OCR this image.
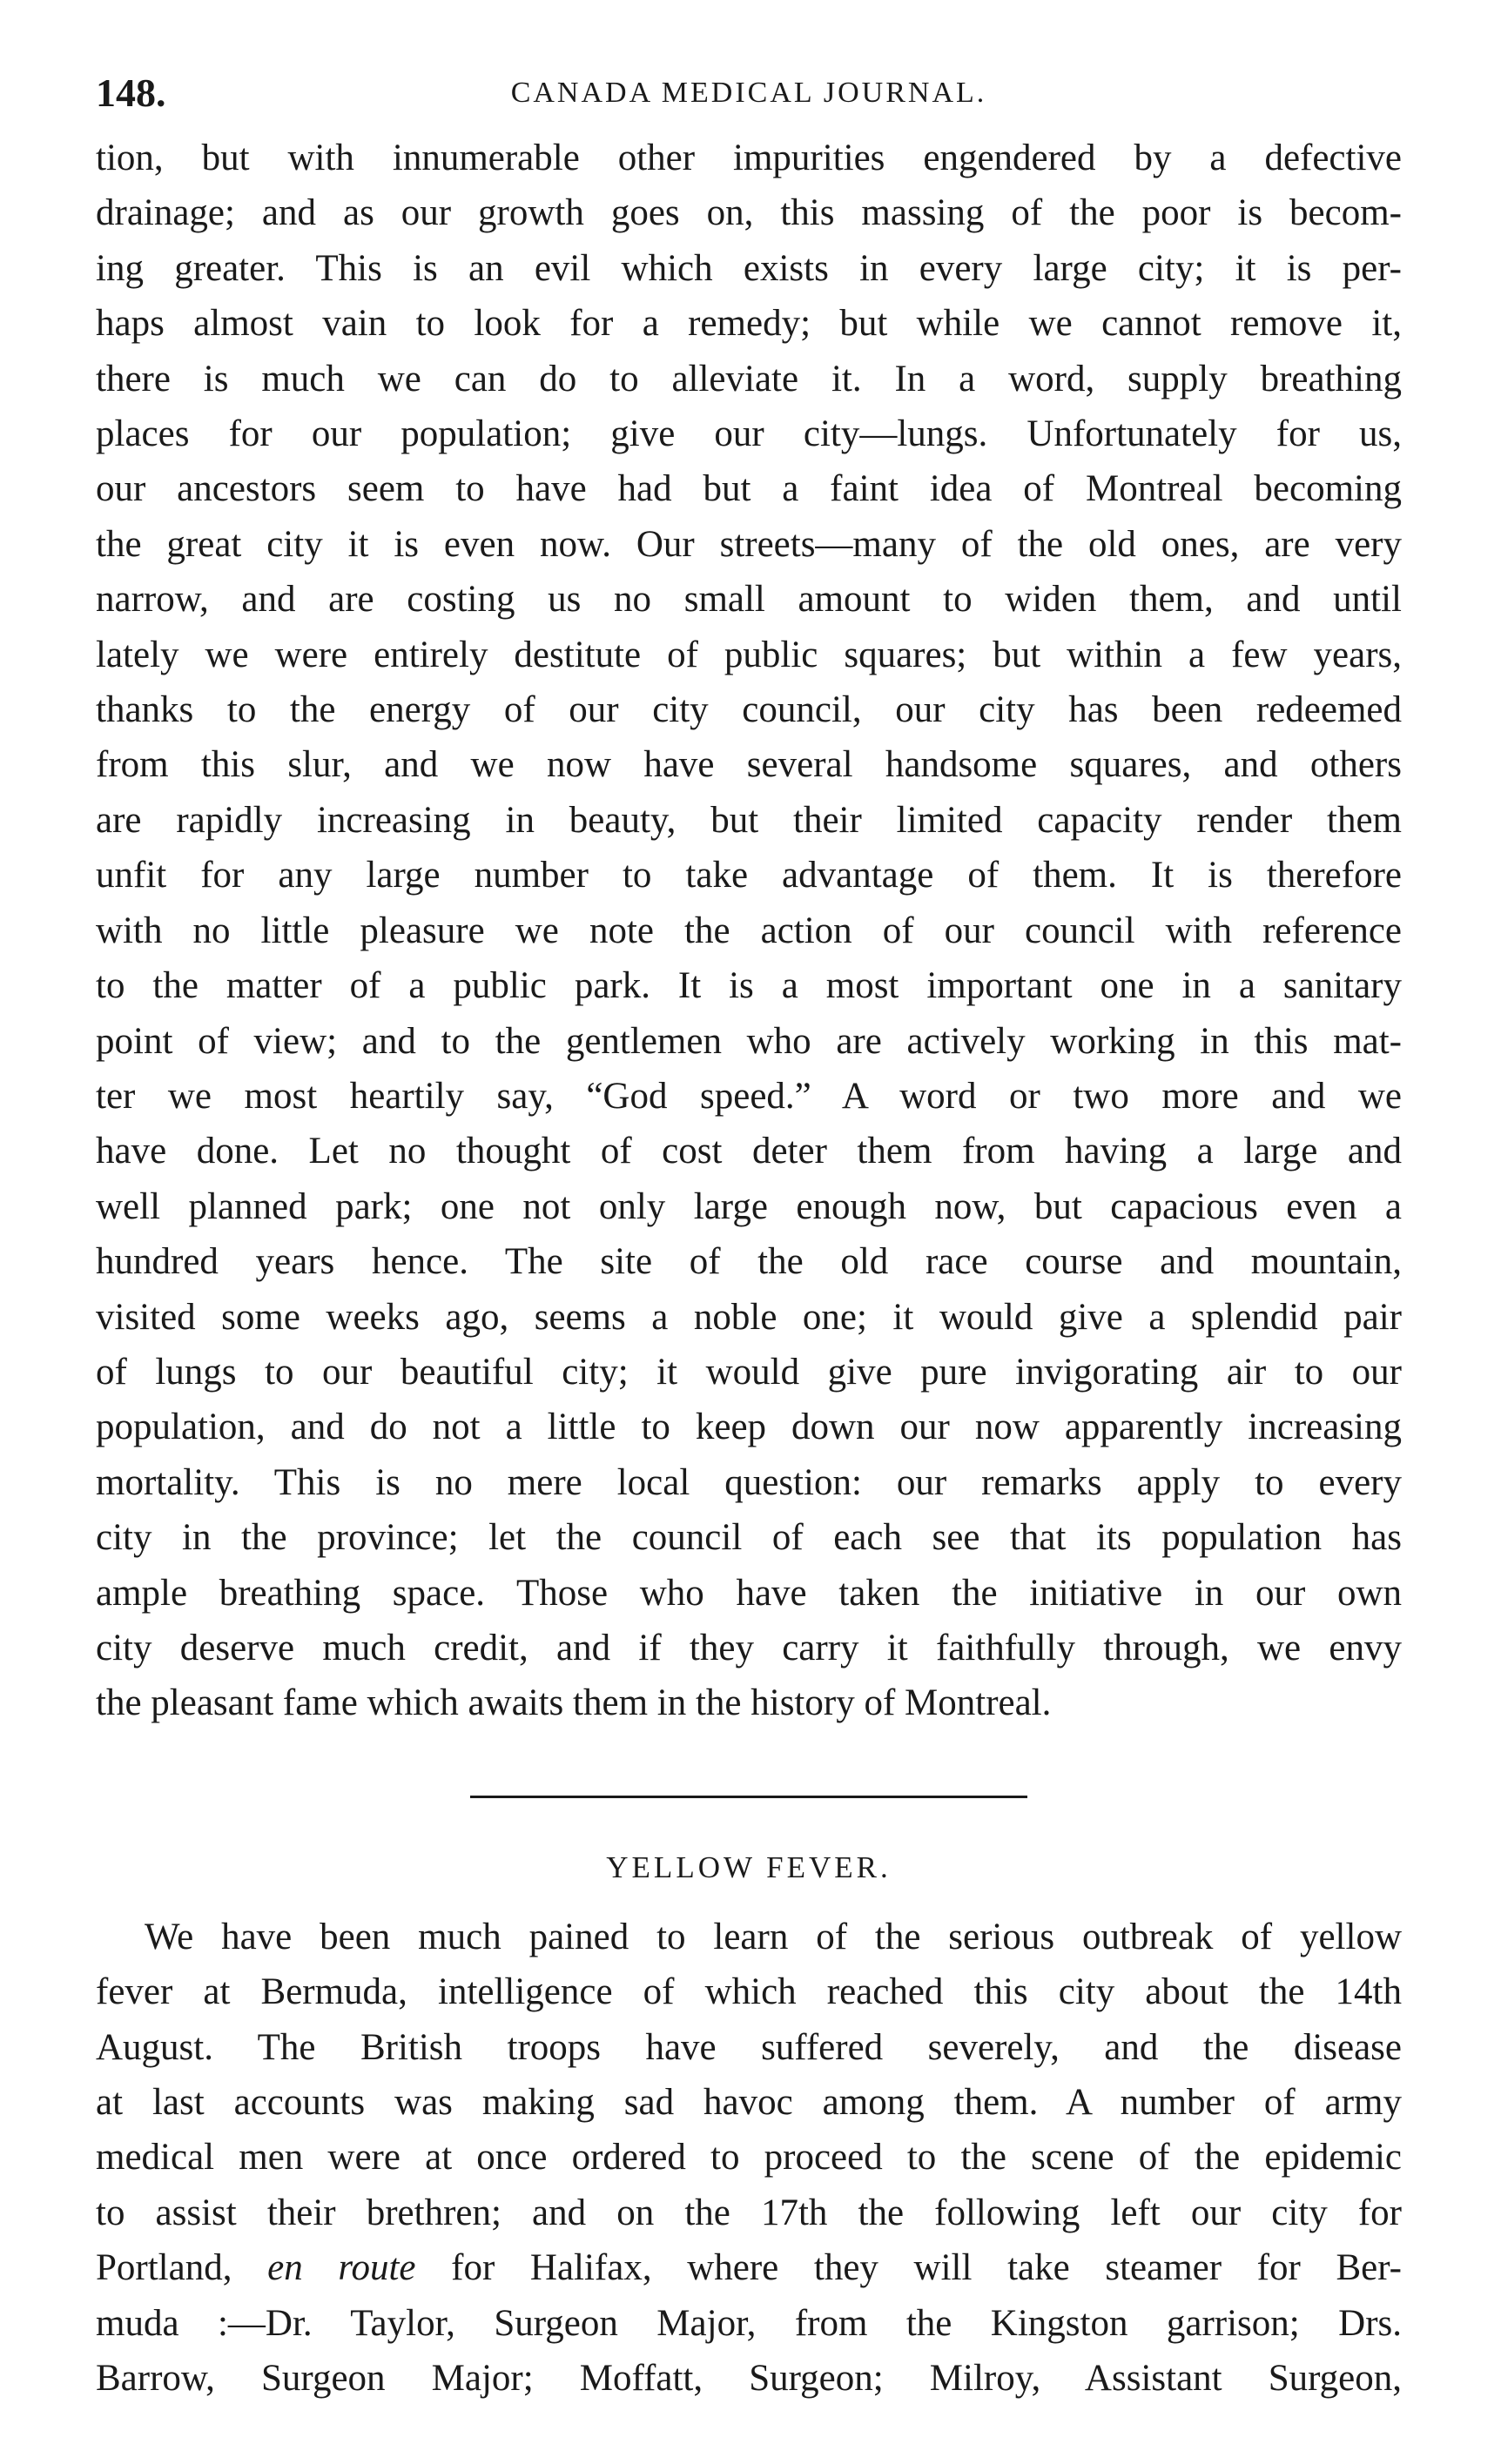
148.	CANADA MEDICAL JOURNAL.

tion, but with innumerable other impurities engendered by a defective
drainage; and as our growth goes on, this massing of the poor is becom-
ing greater. This is an evil which exists in every large city; it is per-
haps almost vain to look for a remedy; but while we cannot remove it,
there is much we can do to alleviate it. In a word, supply breathing
places for our population; give our city—lungs. Unfortunately for us,
our ancestors seem to have had but a faint idea of Montreal becoming
the great city it is even now. Our streets—many of the old ones, are very
narrow, and are costing us no small amount to widen them, and until
lately we were entirely destitute of public squares; but within a few years,
thanks to the energy of our city council, our city has been redeemed
from this slur, and we now have several handsome squares, and others
are rapidly increasing in beauty, but their limited capacity render them
unfit for any large number to take advantage of them. It is therefore
with no little pleasure we note the action of our council with reference
to the matter of a public park. It is a most important one in a sanitary
point of view; and to the gentlemen who are actively working in this mat-
ter we most heartily say, “God speed.” A word or two more and we
have done. Let no thought of cost deter them from having a large and
well planned park; one not only large enough now, but capacious even a
hundred years hence. The site of the old race course and mountain,
visited some weeks ago, seems a noble one; it would give a splendid pair
of lungs to our beautiful city; it would give pure invigorating air to our
population, and do not a little to keep down our now apparently increasing
mortality. This is no mere local question: our remarks apply to every
city in the province; let the council of each see that its population has
ample breathing space. Those who have taken the initiative in our own
city deserve much credit, and if they carry it faithfully through, we envy
the pleasant fame which awaits them in the history of Montreal.

YELLOW FEVER.

We have been much pained to learn of the serious outbreak of yellow
fever at Bermuda, intelligence of which reached this city about the 14th
August. The British troops have suffered severely, and the disease
at last accounts was making sad havoc among them. A number of army
medical men were at once ordered to proceed to the scene of the epidemic
to assist their brethren; and on the 17th the following left our city for
Portland, en route for Halifax, where they will take steamer for Ber-
muda :—Dr. Taylor, Surgeon Major, from the Kingston garrison; Drs.
Barrow, Surgeon Major; Moffatt, Surgeon; Milroy, Assistant Surgeon,
